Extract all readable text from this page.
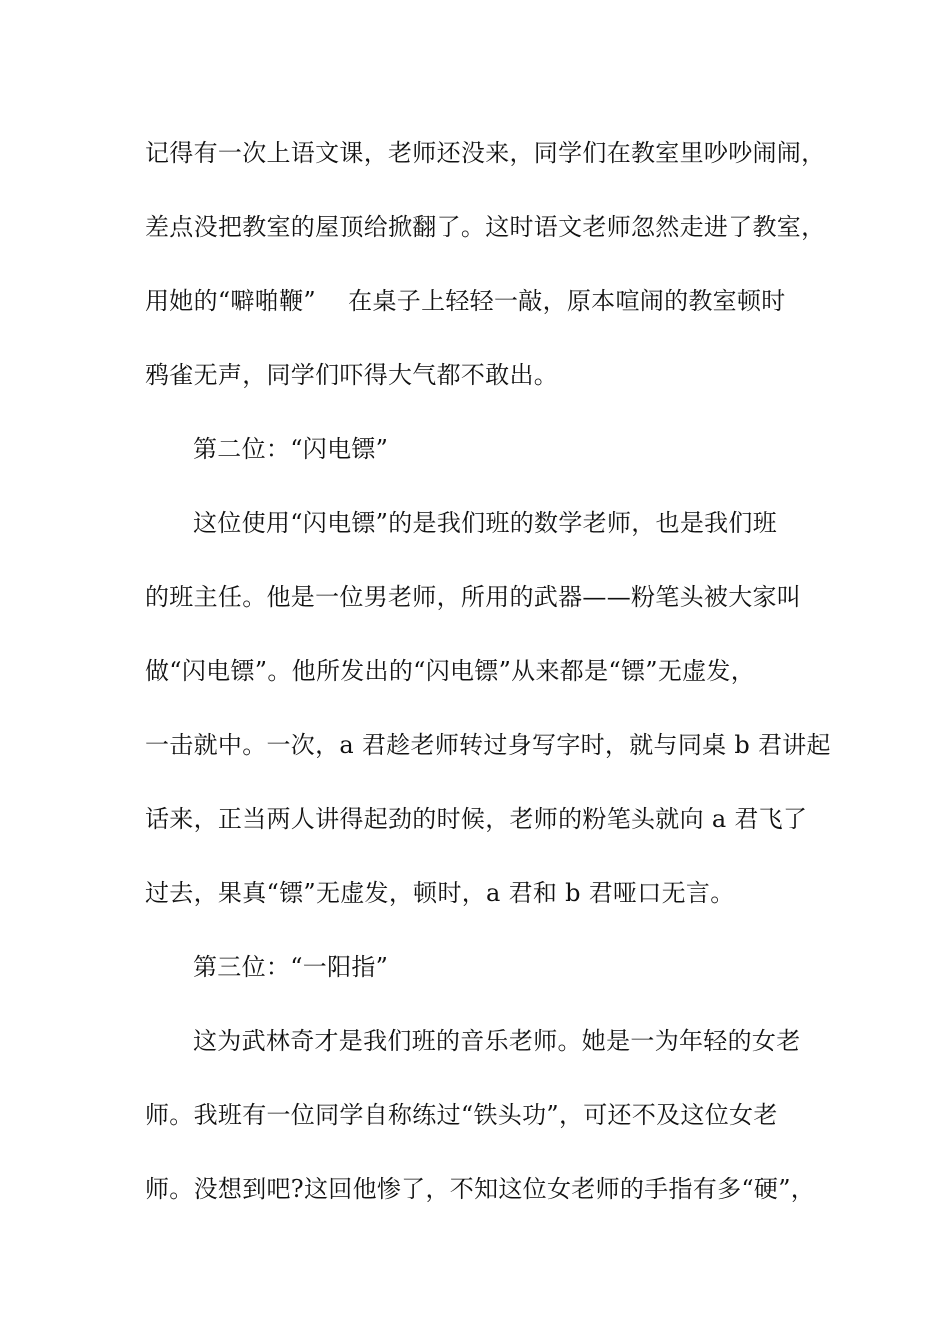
记得有一次上语文课，老师还没来，同学们在教室里吵吵闹闹，
差点没把教室的屋顶给掀翻了。这时语文老师忽然走进了教室，
用她的“噼啪鞭”　 在桌子上轻轻一敲，原本喧闹的教室顿时
鸦雀无声，同学们吓得大气都不敢出。
第二位：“闪电镖”
这位使用“闪电镖”的是我们班的数学老师，也是我们班
的班主任。他是一位男老师，所用的武器——粉笔头被大家叫
做“闪电镖”。他所发出的“闪电镖”从来都是“镖”无虚发，
一击就中。一次，a 君趁老师转过身写字时，就与同桌 b 君讲起
话来，正当两人讲得起劲的时候，老师的粉笔头就向 a 君飞了
过去，果真“镖”无虚发，顿时，a 君和 b 君哑口无言。
第三位：“一阳指”
这为武林奇才是我们班的音乐老师。她是一为年轻的女老
师。我班有一位同学自称练过“铁头功”，可还不及这位女老
师。没想到吧?这回他惨了，不知这位女老师的手指有多“硬”，
